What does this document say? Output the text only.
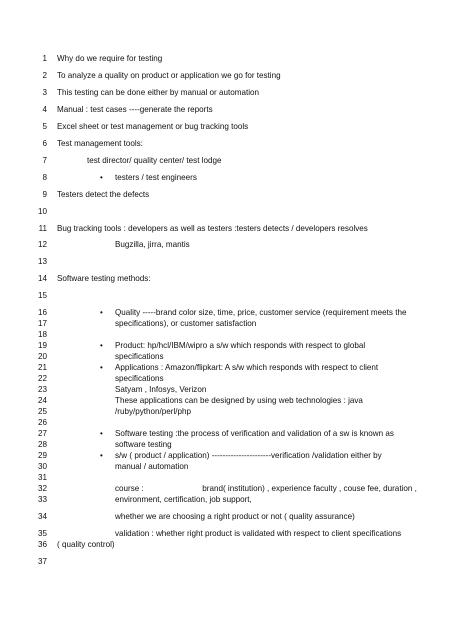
1
2
3
4
5
6
7
8
9
10
11
12
13
14
15
16
17
18
19
20
21
22
23
24
25
26
27
28
29
30
31
32
33
34
35
36
37
Why do we require for testing
To analyze a quality on product or application we go for testing
This testing can be done either by manual or automation
Manual : test cases ----generate the reports
Excel sheet or test management or bug tracking tools
Test management tools:
test director/ quality center/ test lodge
• testers / test engineers
Testers detect the defects
Bug tracking tools : developers as well as testers :testers detects / developers resolves
Bugzilla, jirra, mantis
Software testing methods:
• Quality -----brand color size, time, price, customer service (requirement meets the
specifications), or customer satisfaction
• Product: hp/hcl/IBM/wipro a s/w which responds with respect to global
specifications
• Applications : Amazon/flipkart: A s/w which responds with respect to client
specifications
Satyam , Infosys, Verizon
These applications can be designed by using web technologies : java
/ruby/python/perl/php
• Software testing :the process of verification and validation of a sw is known as
software testing
• s/w ( product / application) ----------------------verification /validation either by
manual / automation
course :                          brand( institution) , experience faculty , couse fee, duration ,
environment, certification, job support,
whether we are choosing a right product or not ( quality assurance)
validation : whether right product is validated with respect to client specifications
( quality control)
